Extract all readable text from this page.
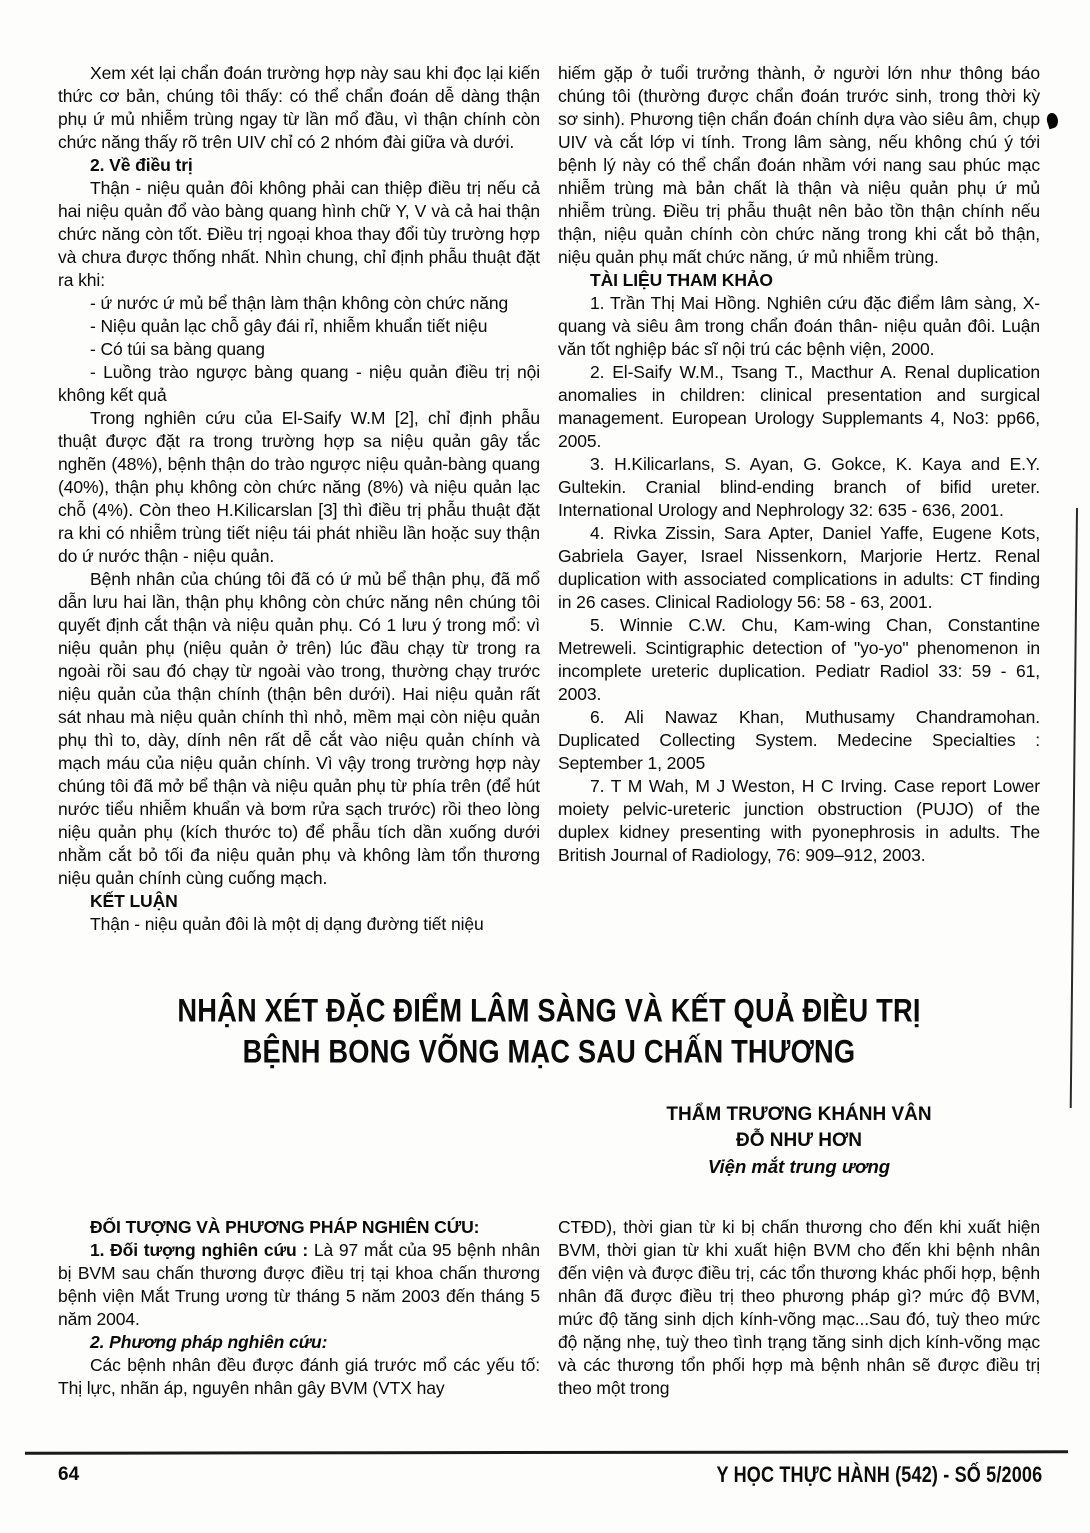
Xem xét lại chẩn đoán trường hợp này sau khi đọc lại kiến thức cơ bản, chúng tôi thấy: có thể chẩn đoán dễ dàng thận phụ ứ mủ nhiễm trùng ngay từ lần mổ đầu, vì thận chính còn chức năng thấy rõ trên UIV chỉ có 2 nhóm đài giữa và dưới.

2. Về điều trị

Thận - niệu quản đôi không phải can thiệp điều trị nếu cả hai niệu quản đổ vào bàng quang hình chữ Y, V và cả hai thận chức năng còn tốt. Điều trị ngoại khoa thay đổi tùy trường hợp và chưa được thống nhất. Nhìn chung, chỉ định phẫu thuật đặt ra khi:

- ứ nước ứ mủ bể thận làm thận không còn chức năng

- Niệu quản lạc chỗ gây đái rỉ, nhiễm khuẩn tiết niệu

- Có túi sa bàng quang

- Luồng trào ngược bàng quang - niệu quản điều trị nội không kết quả

Trong nghiên cứu của El-Saify W.M [2], chỉ định phẫu thuật được đặt ra trong trường hợp sa niệu quản gây tắc nghẽn (48%), bệnh thận do trào ngược niệu quản-bàng quang (40%), thận phụ không còn chức năng (8%) và niệu quản lạc chỗ (4%). Còn theo H.Kilicarslan [3] thì điều trị phẫu thuật đặt ra khi có nhiễm trùng tiết niệu tái phát nhiều lần hoặc suy thận do ứ nước thận - niệu quản.

Bệnh nhân của chúng tôi đã có ứ mủ bể thận phụ, đã mổ dẫn lưu hai lần, thận phụ không còn chức năng nên chúng tôi quyết định cắt thận và niệu quản phụ. Có 1 lưu ý trong mổ: vì niệu quản phụ (niệu quản ở trên) lúc đầu chạy từ trong ra ngoài rồi sau đó chạy từ ngoài vào trong, thường chạy trước niệu quản của thận chính (thận bên dưới). Hai niệu quản rất sát nhau mà niệu quản chính thì nhỏ, mềm mại còn niệu quản phụ thì to, dày, dính nên rất dễ cắt vào niệu quản chính và mạch máu của niệu quản chính. Vì vậy trong trường hợp này chúng tôi đã mở bể thận và niệu quản phụ từ phía trên (để hút nước tiểu nhiễm khuẩn và bơm rửa sạch trước) rồi theo lòng niệu quản phụ (kích thước to) để phẫu tích dần xuống dưới nhằm cắt bỏ tối đa niệu quản phụ và không làm tổn thương niệu quản chính cùng cuống mạch.

KẾT LUẬN

Thận - niệu quản đôi là một dị dạng đường tiết niệu

hiếm gặp ở tuổi trưởng thành, ở người lớn như thông báo chúng tôi (thường được chẩn đoán trước sinh, trong thời kỳ sơ sinh). Phương tiện chẩn đoán chính dựa vào siêu âm, chụp UIV và cắt lớp vi tính. Trong lâm sàng, nếu không chú ý tới bệnh lý này có thể chẩn đoán nhầm với nang sau phúc mạc nhiễm trùng mà bản chất là thận và niệu quản phụ ứ mủ nhiễm trùng. Điều trị phẫu thuật nên bảo tồn thận chính nếu thận, niệu quản chính còn chức năng trong khi cắt bỏ thận, niệu quản phụ mất chức năng, ứ mủ nhiễm trùng.

TÀI LIỆU THAM KHẢO

1. Trần Thị Mai Hồng. Nghiên cứu đặc điểm lâm sàng, X-quang và siêu âm trong chẩn đoán thân- niệu quản đôi. Luận văn tốt nghiệp bác sĩ nội trú các bệnh viện, 2000.

2. El-Saify W.M., Tsang T., Macthur A. Renal duplication anomalies in children: clinical presentation and surgical management. European Urology Supplemants 4, No3: pp66, 2005.

3. H.Kilicarlans, S. Ayan, G. Gokce, K. Kaya and E.Y. Gultekin. Cranial blind-ending branch of bifid ureter. International Urology and Nephrology 32: 635 - 636, 2001.

4. Rivka Zissin, Sara Apter, Daniel Yaffe, Eugene Kots, Gabriela Gayer, Israel Nissenkorn, Marjorie Hertz. Renal duplication with associated complications in adults: CT finding in 26 cases. Clinical Radiology 56: 58 - 63, 2001.

5. Winnie C.W. Chu, Kam-wing Chan, Constantine Metreweli. Scintigraphic detection of "yo-yo" phenomenon in incomplete ureteric duplication. Pediatr Radiol 33: 59 - 61, 2003.

6. Ali Nawaz Khan, Muthusamy Chandramohan. Duplicated Collecting System. Medecine Specialties : September 1, 2005

7. T M Wah, M J Weston, H C Irving. Case report Lower moiety pelvic-ureteric junction obstruction (PUJO) of the duplex kidney presenting with pyonephrosis in adults. The British Journal of Radiology, 76: 909–912, 2003.

NHẬN XÉT ĐẶC ĐIỂM LÂM SÀNG VÀ KẾT QUẢ ĐIỀU TRỊ
BỆNH BONG VÕNG MẠC SAU CHẤN THƯƠNG
THẨM TRƯƠNG KHÁNH VÂN
ĐỖ NHƯ HƠN
Viện mắt trung ương

ĐỐI TƯỢNG VÀ PHƯƠNG PHÁP NGHIÊN CỨU:

1. Đối tượng nghiên cứu : Là 97 mắt của 95 bệnh nhân bị BVM sau chấn thương được điều trị tại khoa chấn thương bệnh viện Mắt Trung ương từ tháng 5 năm 2003 đến tháng 5 năm 2004.

2. Phương pháp nghiên cứu:

Các bệnh nhân đều được đánh giá trước mổ các yếu tố: Thị lực, nhãn áp, nguyên nhân gây BVM (VTX hay

CTĐD), thời gian từ ki bị chấn thương cho đến khi xuất hiện BVM, thời gian từ khi xuất hiện BVM cho đến khi bệnh nhân đến viện và được điều trị, các tổn thương khác phối hợp, bệnh nhân đã được điều trị theo phương pháp gì? mức độ BVM, mức độ tăng sinh dịch kính-võng mạc...Sau đó, tuỳ theo mức độ nặng nhẹ, tuỳ theo tình trạng tăng sinh dịch kính-võng mạc và các thương tổn phối hợp mà bệnh nhân sẽ được điều trị theo một trong

64	Y HỌC THỰC HÀNH (542) - SỐ 5/2006
